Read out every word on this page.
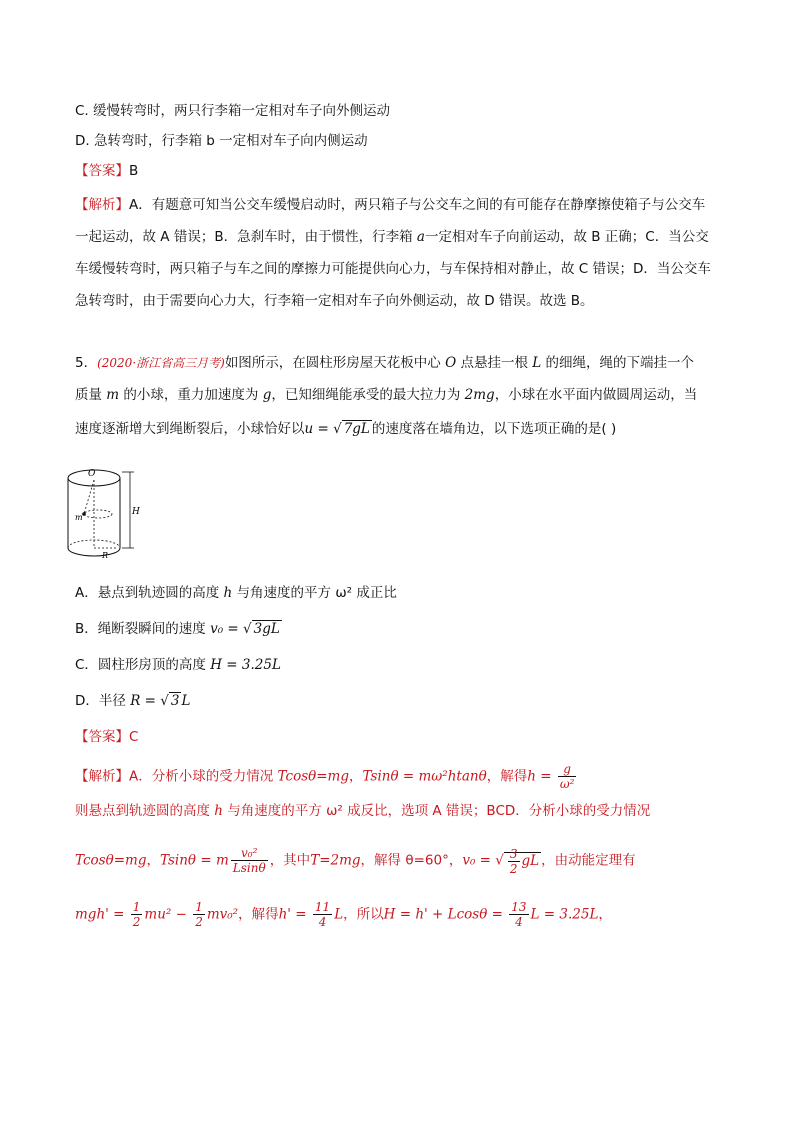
C. 缓慢转弯时，两只行李箱一定相对车子向外侧运动
D. 急转弯时，行李箱 b 一定相对车子向内侧运动
【答案】B
【解析】A．有题意可知当公交车缓慢启动时，两只箱子与公交车之间的有可能存在静摩擦使箱子与公交车
一起运动，故 A 错误；B．急刹车时，由于惯性，行李箱 a一定相对车子向前运动，故 B 正确；C．当公交
车缓慢转弯时，两只箱子与车之间的摩擦力可能提供向心力，与车保持相对静止，故 C 错误；D．当公交车
急转弯时，由于需要向心力大，行李箱一定相对车子向外侧运动，故 D 错误。故选 B。
5．(2020·浙江省高三月考)如图所示，在圆柱形房屋天花板中心 O 点悬挂一根 L 的细绳，绳的下端挂一个
质量 m 的小球，重力加速度为 g，已知细绳能承受的最大拉力为 2mg，小球在水平面内做圆周运动，当
速度逐渐增大到绳断裂后，小球恰好以u = √ 7gL 的速度落在墙角边，以下选项正确的是( )
O
m
H
R
A．悬点到轨迹圆的高度 h 与角速度的平方 ω² 成正比
B．绳断裂瞬间的速度 v₀ = √ 3gL
C．圆柱形房顶的高度 H = 3.25L
D．半径 R = √ 3 L
【答案】C
【解析】A．分析小球的受力情况 Tcosθ=mg，Tsinθ = mω²htanθ，解得$h = \frac{g}{\text{ω²}}$
则悬点到轨迹圆的高度 h 与角速度的平方 ω² 成反比，选项 A 错误；BCD．分析小球的受力情况
Tcosθ=mg，Tsinθ = m $\frac{\text{v₀²}}{Lsin\theta}$ ，其中T=2mg，解得 θ=60°，v₀ = √ $\frac{3}{2}$ gL ，由动能定理有
$mgh' = \frac{1}{2} mu^2 - \frac{1}{2} mv_0^2$，解得$h' = \frac{11}{4}$ L，所以$H = h' + Lcos\theta = \frac{13}{4}$ L = 3.25L，
